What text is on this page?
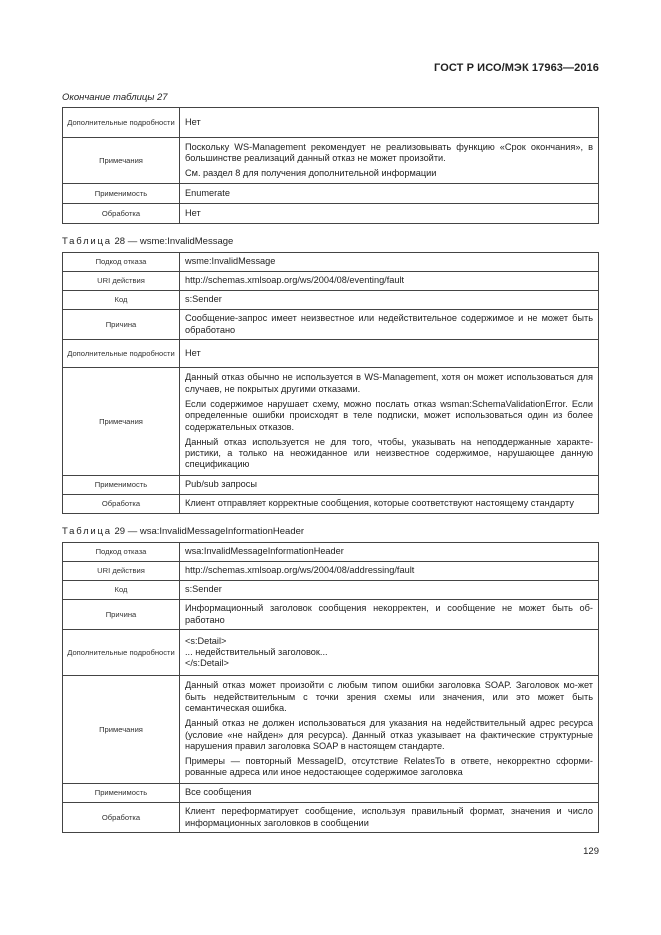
ГОСТ Р ИСО/МЭК 17963—2016
Окончание таблицы 27
Дополнительные подробности	Нет
Примечания	Поскольку WS-Management рекомендует не реализовывать функцию «Срок окончания», в большинстве реализаций данный отказ не может произойти.

См. раздел 8 для получения дополнительной информации

Применимость	Enumerate
Обработка	Нет
Таблица 28 — wsme:InvalidMessage
Подкод отказа	wsme:InvalidMessage
URI действия	http://schemas.xmlsoap.org/ws/2004/08/eventing/fault
Код	s:Sender
Причина	Сообщение-запрос имеет неизвестное или недействительное содержимое и не может быть обработано
Дополнительные подробности	Нет
Примечания	Данный отказ обычно не используется в WS-Management, хотя он может использоваться для случаев, не покрытых другими отказами.

Если содержимое нарушает схему, можно послать отказ wsman:SchemaValidationError. Если определенные ошибки происходят в теле подписки, может использоваться один из более содержательных отказов.

Данный отказ используется не для того, чтобы, указывать на неподдержанные характе-ристики, а только на неожиданное или неизвестное содержимое, нарушающее данную спецификацию

Применимость	Pub/sub запросы
Обработка	Клиент отправляет корректные сообщения, которые соответствуют настоящему стандарту
Таблица 29 — wsa:InvalidMessageInformationHeader
Подкод отказа	wsa:InvalidMessageInformationHeader
URI действия	http://schemas.xmlsoap.org/ws/2004/08/addressing/fault
Код	s:Sender
Причина	Информационный заголовок сообщения некорректен, и сообщение не может быть об-работано
Дополнительные подробности	<s:Detail>
... недействительный заголовок...
</s:Detail>

Примечания	Данный отказ может произойти с любым типом ошибки заголовка SOAP. Заголовок мо-жет быть недействительным с точки зрения схемы или значения, или это может быть семантическая ошибка.

Данный отказ не должен использоваться для указания на недействительный адрес ресурса (условие «не найден» для ресурса). Данный отказ указывает на фактические структурные нарушения правил заголовка SOAP в настоящем стандарте.

Примеры — повторный MessageID, отсутствие RelatesTo в ответе, некорректно сформи-рованные адреса или иное недостающее содержимое заголовка

Применимость	Все сообщения
Обработка	Клиент переформатирует сообщение, используя правильный формат, значения и число информационных заголовков в сообщении
129
